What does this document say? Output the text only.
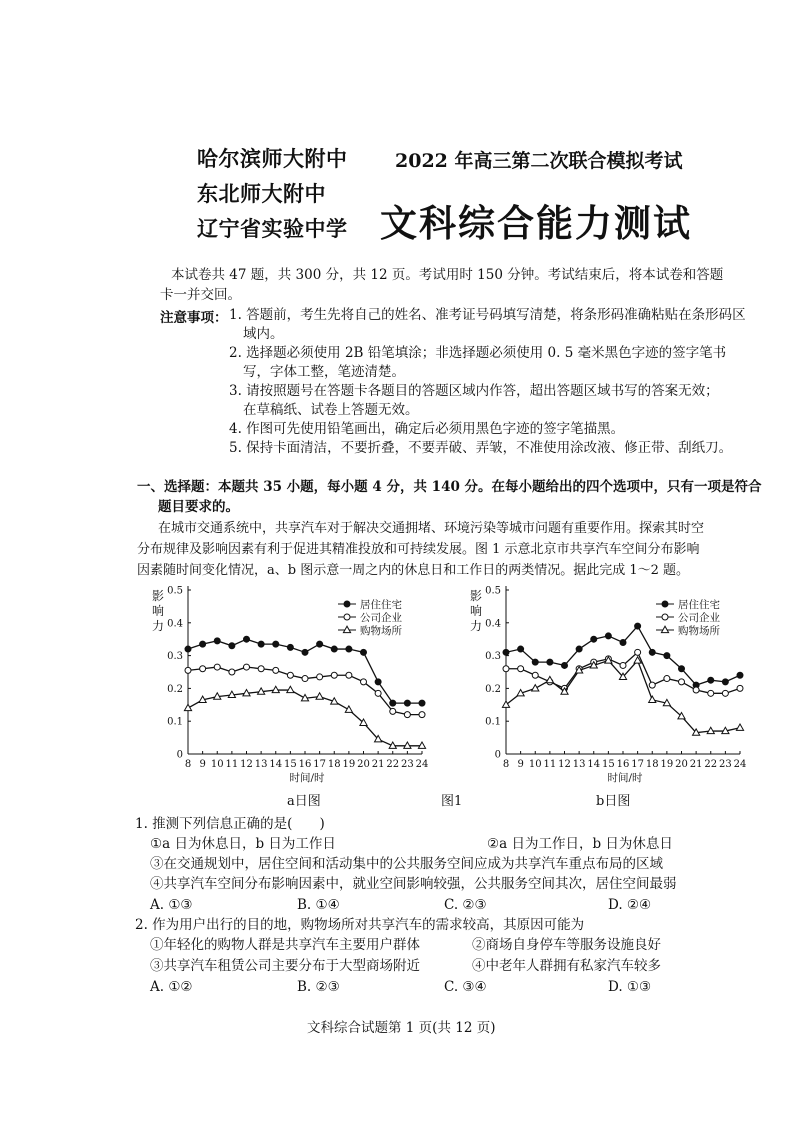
哈尔滨师大附中
东北师大附中
辽宁省实验中学
2022 年高三第二次联合模拟考试
文科综合能力测试
本试卷共 47 题，共 300 分，共 12 页。考试用时 150 分钟。考试结束后，将本试卷和答题
卡一并交回。
注意事项： 1. 答题前，考生先将自己的姓名、准考证号码填写清楚，将条形码准确粘贴在条形码区
域内。
2. 选择题必须使用 2B 铅笔填涂；非选择题必须使用 0. 5 毫米黑色字迹的签字笔书
写，字体工整，笔迹清楚。
3. 请按照题号在答题卡各题目的答题区域内作答，超出答题区域书写的答案无效；
在草稿纸、试卷上答题无效。
4. 作图可先使用铅笔画出，确定后必须用黑色字迹的签字笔描黑。
5. 保持卡面清洁，不要折叠，不要弄破、弄皱，不准使用涂改液、修正带、刮纸刀。
一、选择题：本题共 35 小题，每小题 4 分，共 140 分。在每小题给出的四个选项中，只有一项是符合
题目要求的。
在城市交通系统中，共享汽车对于解决交通拥堵、环境污染等城市问题有重要作用。探索其时空
分布规律及影响因素有利于促进其精准投放和可持续发展。图 1 示意北京市共享汽车空间分布影响
因素随时间变化情况，a、b 图示意一周之内的休息日和工作日的两类情况。据此完成 1～2 题。
影
响
力
0
0.1
0.2
0.3
0.4
0.5
8 9 10 11 12 13 14 15 16 17 18 19 20 21 22 23 24
时间/时
居住住宅
公司企业
购物场所
影
响
力
0
0.1
0.2
0.3
0.4
0.5
8 9 10 11 12 13 14 15 16 17 18 19 20 21 22 23 24
时间/时
居住住宅
公司企业
购物场所
a日图	图1	b日图
1. 推测下列信息正确的是(　　)
①a 日为休息日，b 日为工作日	②a 日为工作日，b 日为休息日
③在交通规划中，居住空间和活动集中的公共服务空间应成为共享汽车重点布局的区域
④共享汽车空间分布影响因素中，就业空间影响较强，公共服务空间其次，居住空间最弱
A. ①③	B. ①④	C. ②③	D. ②④
2. 作为用户出行的目的地，购物场所对共享汽车的需求较高，其原因可能为
①年轻化的购物人群是共享汽车主要用户群体	②商场自身停车等服务设施良好
③共享汽车租赁公司主要分布于大型商场附近	④中老年人群拥有私家汽车较多
A. ①②	B. ②③	C. ③④	D. ①③
文科综合试题第 1 页(共 12 页)
